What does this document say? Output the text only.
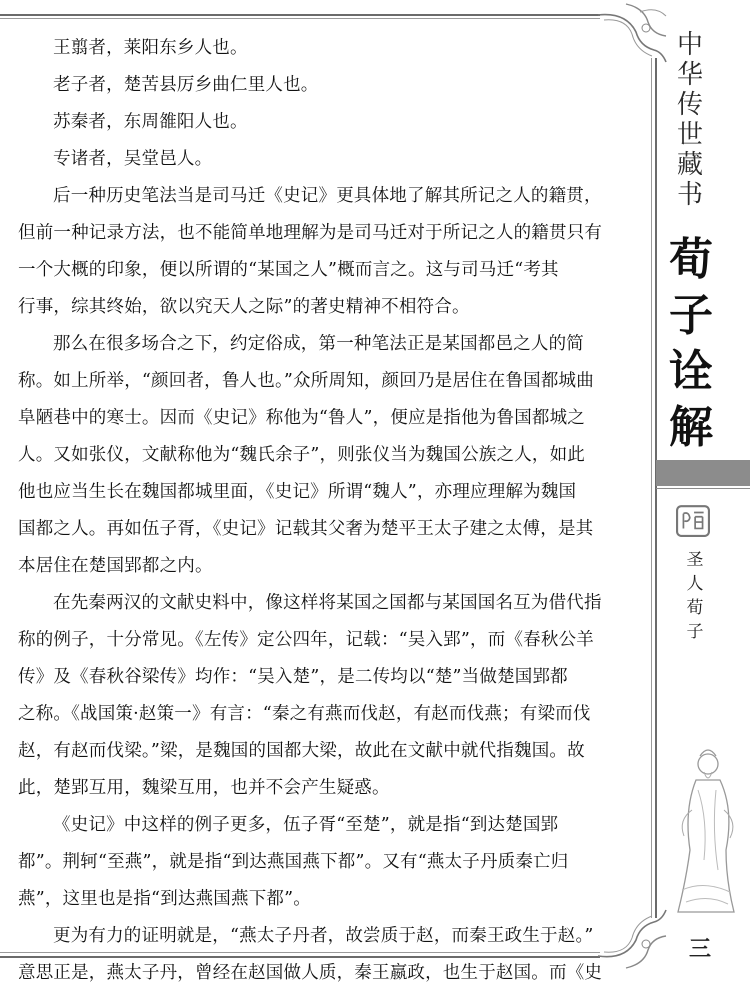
王翦者，莱阳东乡人也。
老子者，楚苦县厉乡曲仁里人也。
苏秦者，东周雒阳人也。
专诸者，吴堂邑人。
后一种历史笔法当是司马迁《史记》更具体地了解其所记之人的籍贯，
但前一种记录方法，也不能简单地理解为是司马迁对于所记之人的籍贯只有
一个大概的印象，便以所谓的“某国之人”概而言之。这与司马迁“考其
行事，综其终始，欲以究天人之际”的著史精神不相符合。
那么在很多场合之下，约定俗成，第一种笔法正是某国都邑之人的简
称。如上所举，“颜回者，鲁人也。”众所周知，颜回乃是居住在鲁国都城曲
阜陋巷中的寒士。因而《史记》称他为“鲁人”，便应是指他为鲁国都城之
人。又如张仪，文献称他为“魏氏余子”，则张仪当为魏国公族之人，如此
他也应当生长在魏国都城里面，《史记》所谓“魏人”，亦理应理解为魏国
国都之人。再如伍子胥，《史记》记载其父奢为楚平王太子建之太傅，是其
本居住在楚国郢都之内。
在先秦两汉的文献史料中，像这样将某国之国都与某国国名互为借代指
称的例子，十分常见。《左传》定公四年，记载：“吴入郢”，而《春秋公羊
传》及《春秋谷梁传》均作：“吴入楚”，是二传均以“楚”当做楚国郢都
之称。《战国策·赵策一》有言：“秦之有燕而伐赵，有赵而伐燕；有梁而伐
赵，有赵而伐梁。”梁，是魏国的国都大梁，故此在文献中就代指魏国。故
此，楚郢互用，魏梁互用，也并不会产生疑惑。
《史记》中这样的例子更多，伍子胥“至楚”，就是指“到达楚国郢
都”。荆轲“至燕”，就是指“到达燕国燕下都”。又有“燕太子丹质秦亡归
燕”，这里也是指“到达燕国燕下都”。
更为有力的证明就是，“燕太子丹者，故尝质于赵，而秦王政生于赵。”
意思正是，燕太子丹，曾经在赵国做人质，秦王嬴政，也生于赵国。而《史
中
华
传
世
藏
书
荀
子
诠
解
圣
人
荀
子
三
